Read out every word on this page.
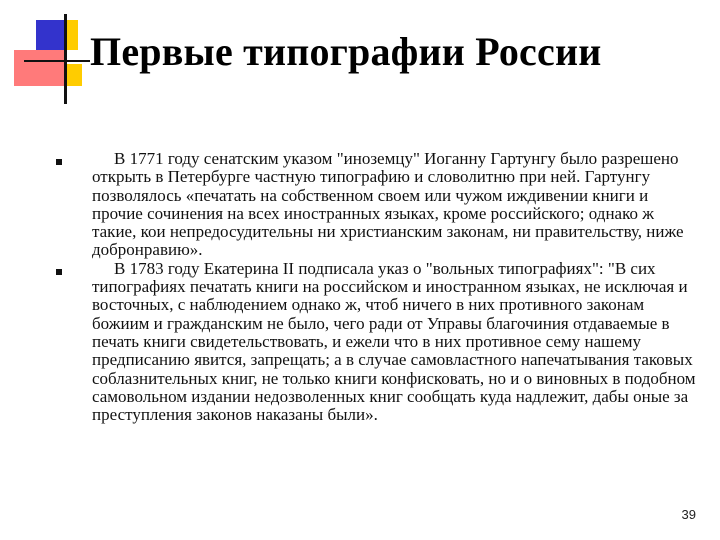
Первые типографии России
В 1771 году сенатским указом "иноземцу" Иоганну Гартунгу было разрешено открыть в Петербурге частную типографию и словолитню при ней. Гартунгу позволялось «печатать на собственном своем или чужом иждивении книги и прочие сочинения на всех иностранных языках, кроме российского; однако ж такие, кои непредосудительны ни христианским законам, ни правительству, ниже добронравию».
В 1783 году Екатерина II подписала указ о "вольных типографиях": "В сих типографиях печатать книги на российском и иностранном языках, не исключая и восточных, с наблюдением однако ж, чтоб ничего в них противного законам божиим и гражданским не было, чего ради от Управы благочиния отдаваемые в печать книги свидетельствовать, и ежели что в них противное сему нашему предписанию явится, запрещать; а в случае самовластного напечатывания таковых соблазнительных книг, не только книги конфисковать, но и о виновных в подобном самовольном издании недозволенных книг сообщать куда надлежит, дабы оные за преступления законов наказаны были».
39
